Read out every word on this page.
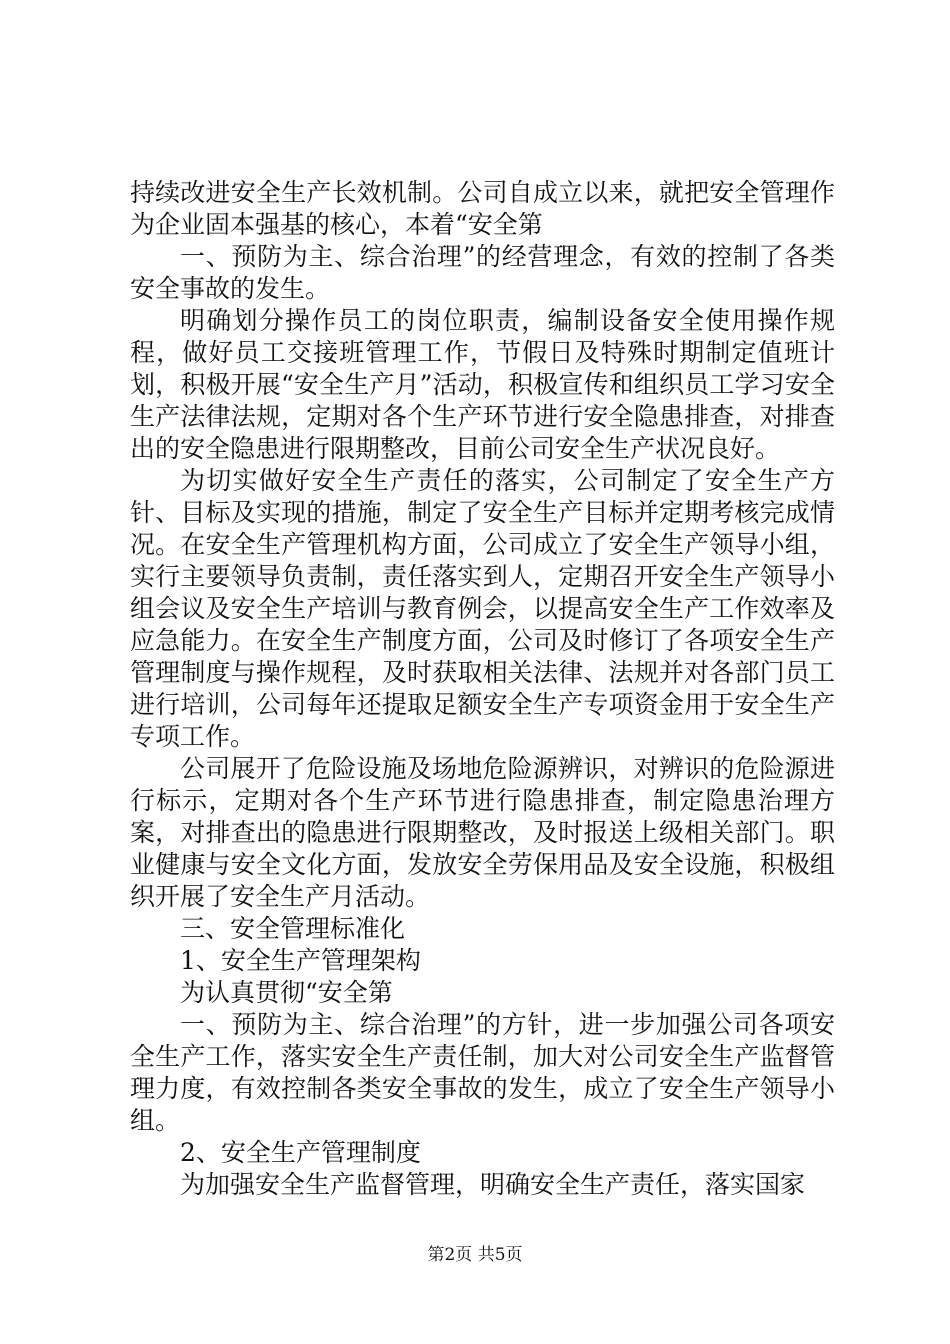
持续改进安全生产长效机制。公司自成立以来，就把安全管理作为企业固本强基的核心，本着“安全第

一、预防为主、综合治理”的经营理念，有效的控制了各类安全事故的发生。

明确划分操作员工的岗位职责，编制设备安全使用操作规程，做好员工交接班管理工作，节假日及特殊时期制定值班计划，积极开展“安全生产月”活动，积极宣传和组织员工学习安全生产法律法规，定期对各个生产环节进行安全隐患排查，对排查出的安全隐患进行限期整改，目前公司安全生产状况良好。

为切实做好安全生产责任的落实，公司制定了安全生产方针、目标及实现的措施，制定了安全生产目标并定期考核完成情况。在安全生产管理机构方面，公司成立了安全生产领导小组，实行主要领导负责制，责任落实到人，定期召开安全生产领导小组会议及安全生产培训与教育例会，以提高安全生产工作效率及应急能力。在安全生产制度方面，公司及时修订了各项安全生产管理制度与操作规程，及时获取相关法律、法规并对各部门员工进行培训，公司每年还提取足额安全生产专项资金用于安全生产专项工作。

公司展开了危险设施及场地危险源辨识，对辨识的危险源进行标示，定期对各个生产环节进行隐患排查，制定隐患治理方案，对排查出的隐患进行限期整改，及时报送上级相关部门。职业健康与安全文化方面，发放安全劳保用品及安全设施，积极组织开展了安全生产月活动。

三、安全管理标准化

1、安全生产管理架构

为认真贯彻“安全第

一、预防为主、综合治理”的方针，进一步加强公司各项安全生产工作，落实安全生产责任制，加大对公司安全生产监督管理力度，有效控制各类安全事故的发生，成立了安全生产领导小组。

2、安全生产管理制度

为加强安全生产监督管理，明确安全生产责任，落实国家

第2页 共5页
